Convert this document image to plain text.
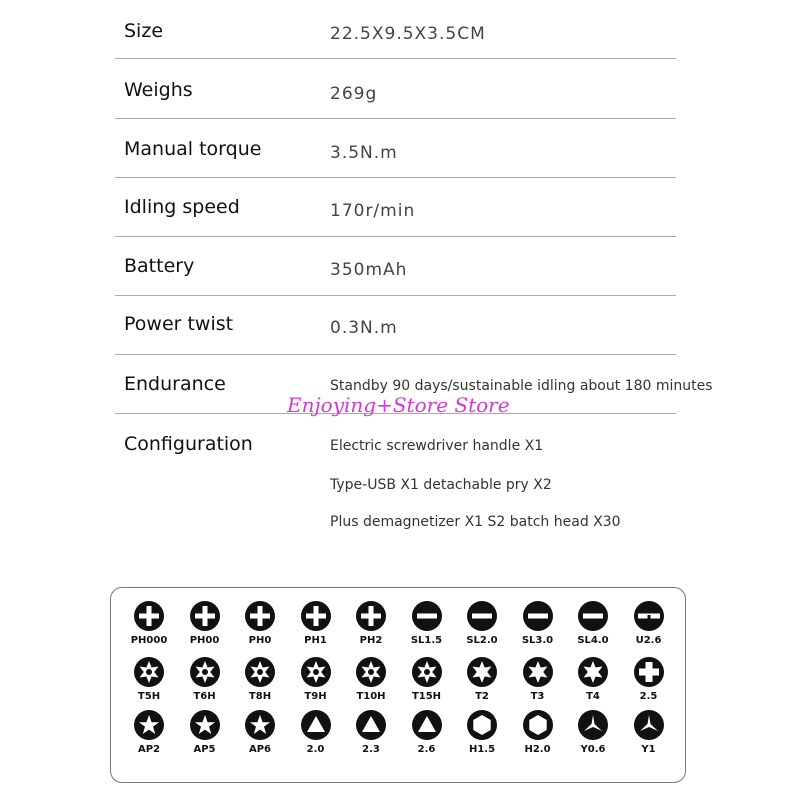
Size	22.5X9.5X3.5CM
Weighs	269g
Manual torque	3.5N.m
Idling speed	170r/min
Battery	350mAh
Power twist	0.3N.m
Endurance	Standby 90 days/sustainable idling about 180 minutes
Configuration	Electric screwdriver handle X1
Type-USB X1 detachable pry X2
Plus demagnetizer X1 S2 batch head X30
Enjoying+Store Store
PH000	PH00	PH0	PH1	PH2	SL1.5	SL2.0	SL3.0	SL4.0	U2.6
T5H	T6H	T8H	T9H	T10H	T15H	T2	T3	T4	2.5
AP2	AP5	AP6	2.0	2.3	2.6	H1.5	H2.0	Y0.6	Y1
